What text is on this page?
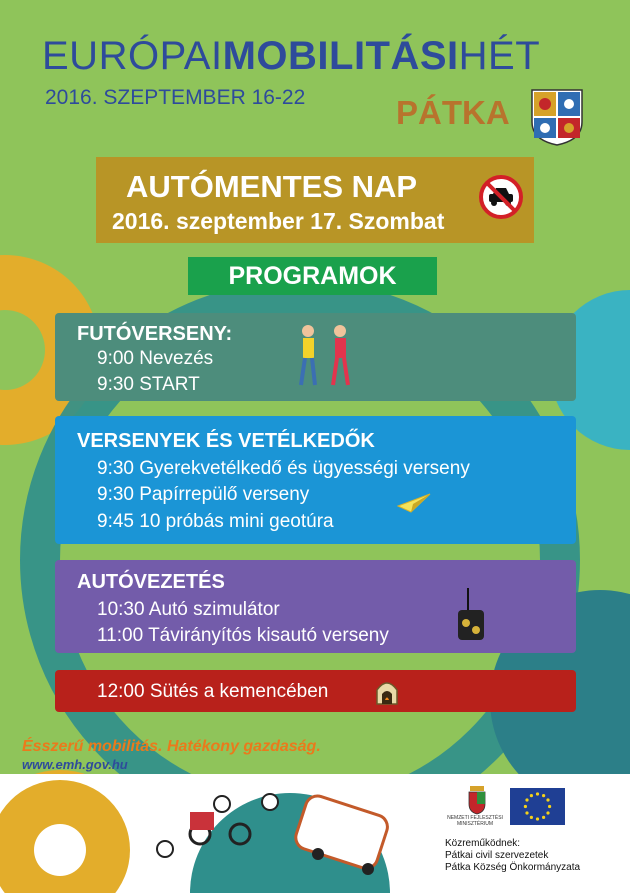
EURÓPAIMOBILITÁSIHÉT
2016. SZEPTEMBER 16-22	PÁTKA
AUTÓMENTES NAP
2016. szeptember 17. Szombat
PROGRAMOK
FUTÓVERSENY:
9:00 Nevezés
9:30 START
VERSENYEK ÉS VETÉLKEDŐK
9:30 Gyerekvetélkedő és ügyességi verseny
9:30 Papírrepülő verseny
9:45 10 próbás mini geotúra
AUTÓVEZETÉS
10:30 Autó szimulátor
11:00 Távirányítós kisautó verseny
12:00 Sütés a kemencében
Ésszerű mobilitás. Hatékony gazdaság.
www.emh.gov.hu
NEMZETI FEJLESZTÉSI
MINISZTÉRIUM
Közreműködnek:
Pátkai civil szervezetek
Pátka Község Önkormányzata
